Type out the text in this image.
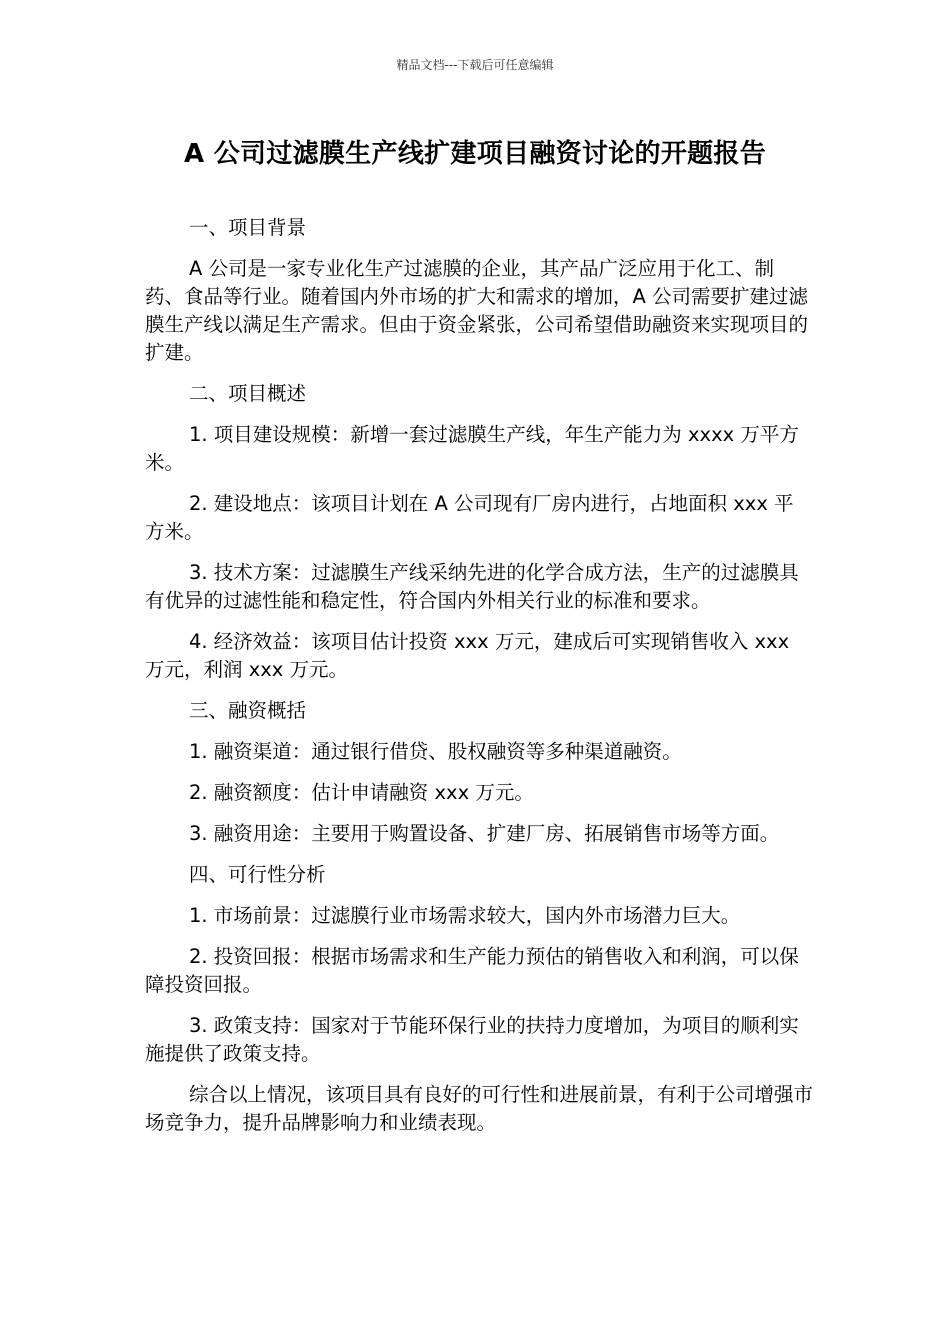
精品文档---下载后可任意编辑
A 公司过滤膜生产线扩建项目融资讨论的开题报告

一、项目背景

A 公司是一家专业化生产过滤膜的企业，其产品广泛应用于化工、制药、食品等行业。随着国内外市场的扩大和需求的增加，A 公司需要扩建过滤膜生产线以满足生产需求。但由于资金紧张，公司希望借助融资来实现项目的扩建。

二、项目概述

1. 项目建设规模：新增一套过滤膜生产线，年生产能力为 xxxx 万平方米。

2. 建设地点：该项目计划在 A 公司现有厂房内进行，占地面积 xxx 平方米。

3. 技术方案：过滤膜生产线采纳先进的化学合成方法，生产的过滤膜具有优异的过滤性能和稳定性，符合国内外相关行业的标准和要求。

4. 经济效益：该项目估计投资 xxx 万元，建成后可实现销售收入 xxx 万元，利润 xxx 万元。

三、融资概括

1. 融资渠道：通过银行借贷、股权融资等多种渠道融资。

2. 融资额度：估计申请融资 xxx 万元。

3. 融资用途：主要用于购置设备、扩建厂房、拓展销售市场等方面。

四、可行性分析

1. 市场前景：过滤膜行业市场需求较大，国内外市场潜力巨大。

2. 投资回报：根据市场需求和生产能力预估的销售收入和利润，可以保障投资回报。

3. 政策支持：国家对于节能环保行业的扶持力度增加，为项目的顺利实施提供了政策支持。

综合以上情况，该项目具有良好的可行性和进展前景，有利于公司增强市场竞争力，提升品牌影响力和业绩表现。
